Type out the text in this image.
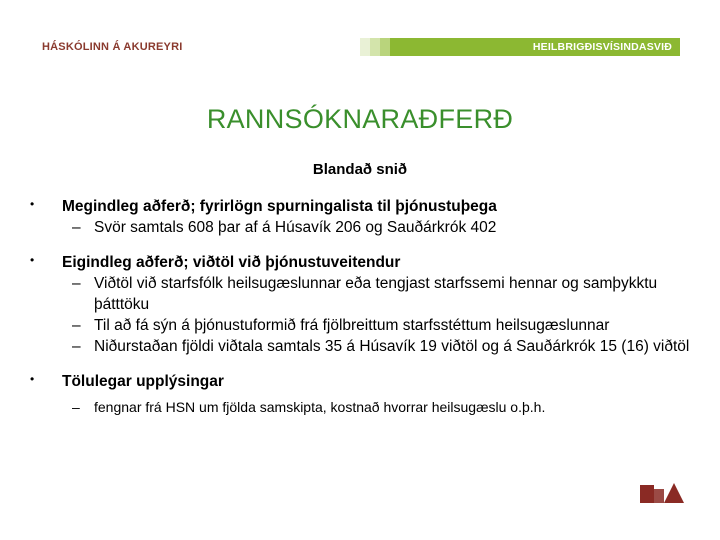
HÁSKÓLINN Á AKUREYRI	HEILBRIGÐISVÍSINDASVIÐ
RANNSÓKNARAÐFERÐ
Blandað snið
• Megindleg aðferð; fyrirlögn spurningalista til þjónustuþega
– Svör samtals 608 þar af á Húsavík 206 og Sauðárkrók 402
• Eigindleg aðferð; viðtöl við þjónustuveitendur
– Viðtöl við starfsfólk heilsugæslunnar eða tengjast starfssemi hennar og samþykktu þátttöku
– Til að fá sýn á þjónustuformið frá fjölbreittum starfsstéttum heilsugæslunnar
– Niðurstaðan fjöldi viðtala samtals 35 á Húsavík 19 viðtöl og á Sauðárkrók 15 (16) viðtöl
• Tölulegar upplýsingar
– fengnar frá HSN um fjölda samskipta, kostnað hvorrar heilsugæslu o.þ.h.
